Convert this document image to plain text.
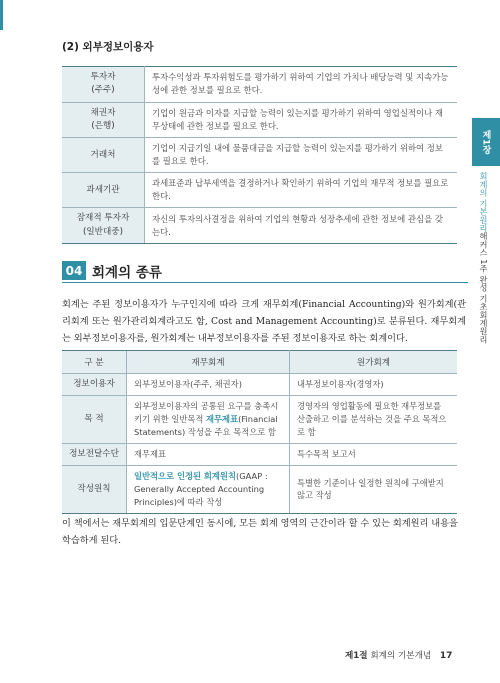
(2) 외부정보이용자
투자자
(주주)	투자수익성과 투자위험도를 평가하기 위하여 기업의 가치나 배당능력 및 지속가능성에 관한 정보를 필요로 한다.
채권자
(은행)	기업이 원금과 이자를 지급할 능력이 있는지를 평가하기 위하여 영업실적이나 재무상태에 관한 정보를 필요로 한다.
거래처	기업이 지급기일 내에 물품대금을 지급할 능력이 있는지를 평가하기 위하여 정보를 필요로 한다.
과세기관	과세표준과 납부세액을 결정하거나 확인하기 위하여 기업의 재무적 정보를 필요로 한다.
잠재적 투자자
(일반대중)	자신의 투자의사결정을 위하여 기업의 현황과 성장추세에 관한 정보에 관심을 갖는다.
제1장
회계의 기본원리
해커스 1주 완성 기초회계원리
04 회계의 종류
회계는 주된 정보이용자가 누구인지에 따라 크게 재무회계(Financial Accounting)와 원가회계(관리회계 또는 원가관리회계라고도 함, Cost and Management Accounting)로 분류된다. 재무회계는 외부정보이용자를, 원가회계는 내부정보이용자를 주된 정보이용자로 하는 회계이다.
구 분	재무회계	원가회계
정보이용자	외부정보이용자(주주, 채권자)	내부정보이용자(경영자)
목 적	외부정보이용자의 공통된 요구를 충족시키기 위한 일반목적 재무제표(Financial Statements) 작성을 주요 목적으로 함	경영자의 영업활동에 필요한 재무정보를 산출하고 이를 분석하는 것을 주요 목적으로 함
정보전달수단	재무제표	특수목적 보고서
작성원칙	일반적으로 인정된 회계원칙(GAAP : Generally Accepted Accounting Principles)에 따라 작성	특별한 기준이나 일정한 원칙에 구애받지 않고 작성
이 책에서는 재무회계의 입문단계인 동시에, 모든 회계 영역의 근간이라 할 수 있는 회계원리 내용을 학습하게 된다.
제1절 회계의 기본개념 17
